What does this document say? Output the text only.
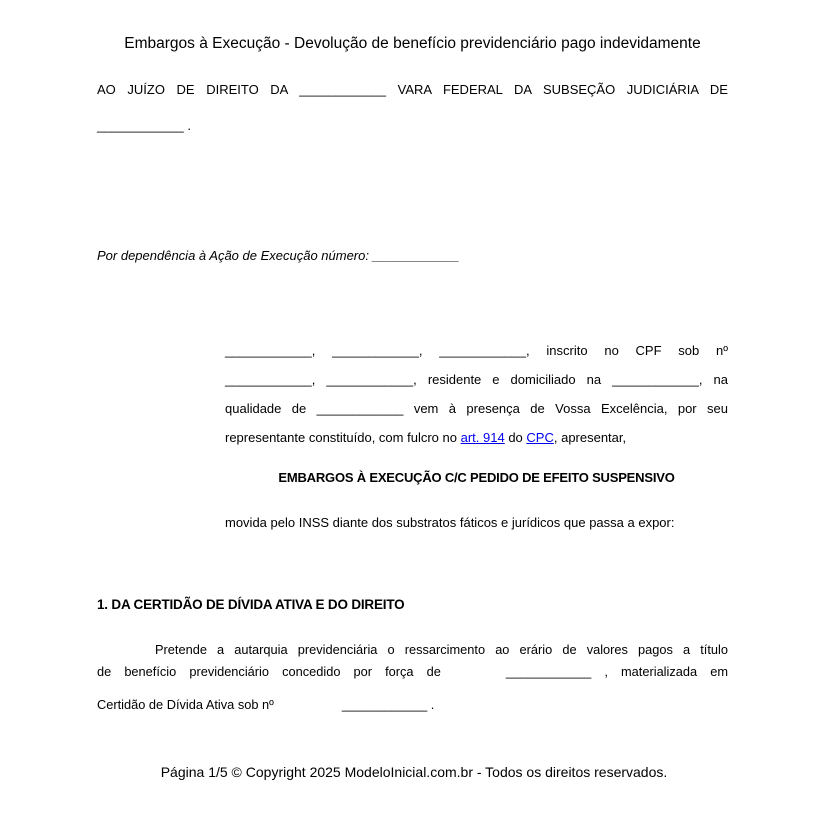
Embargos à Execução - Devolução de benefício previdenciário pago indevidamente
AO JUÍZO DE DIREITO DA ____________ VARA FEDERAL DA SUBSEÇÃO JUDICIÁRIA DE
____________ .
Por dependência à Ação de Execução número: ____________
____________, ____________, ____________, inscrito no CPF sob nº
____________, ____________, residente e domiciliado na ____________, na
qualidade de ____________ vem à presença de Vossa Excelência, por seu
representante constituído, com fulcro no art. 914 do CPC, apresentar,
EMBARGOS À EXECUÇÃO C/C PEDIDO DE EFEITO SUSPENSIVO
movida pelo INSS diante dos substratos fáticos e jurídicos que passa a expor:
1. DA CERTIDÃO DE DÍVIDA ATIVA E DO DIREITO
Pretende a autarquia previdenciária o ressarcimento ao erário de valores pagos a título
de benefício previdenciário concedido por força de	____________ , materializada em
Certidão de Dívida Ativa sob nº	____________ .
Página 1/5 © Copyright 2025 ModeloInicial.com.br - Todos os direitos reservados.
